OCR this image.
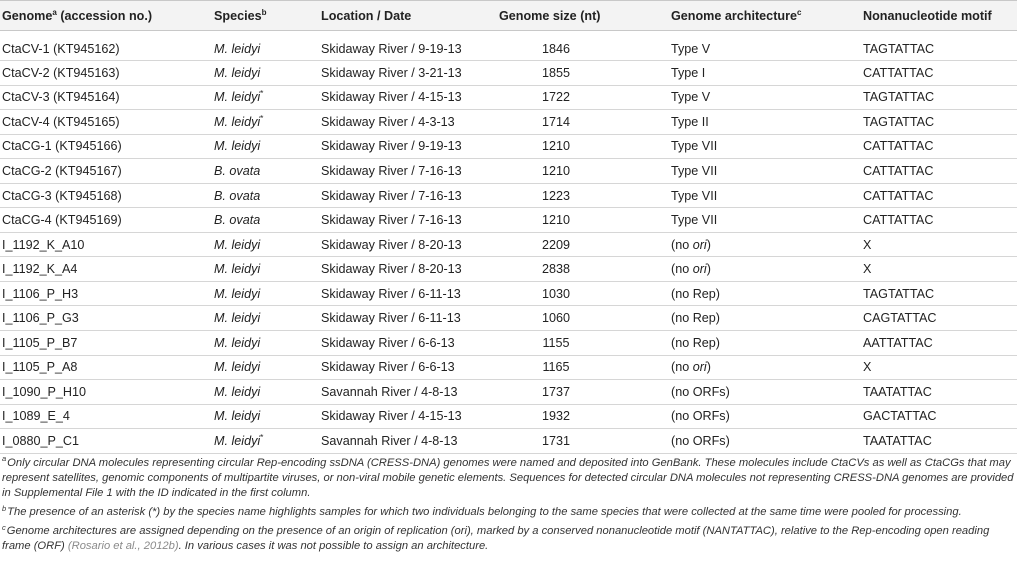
Genome$^a$ (accession no.)	Species$^b$	Location / Date	Genome size (nt)	Genome architecture$^c$	Nonanucleotide motif
CtaCV-1 (KT945162)	M. leidyi	Skidaway River / 9-19-13	1846	Type V	TAGTATTAC
CtaCV-2 (KT945163)	M. leidyi	Skidaway River / 3-21-13	1855	Type I	CATTATTAC
CtaCV-3 (KT945164)	M. leidyi*	Skidaway River / 4-15-13	1722	Type V	TAGTATTAC
CtaCV-4 (KT945165)	M. leidyi*	Skidaway River / 4-3-13	1714	Type II	TAGTATTAC
CtaCG-1 (KT945166)	M. leidyi	Skidaway River / 9-19-13	1210	Type VII	CATTATTAC
CtaCG-2 (KT945167)	B. ovata	Skidaway River / 7-16-13	1210	Type VII	CATTATTAC
CtaCG-3 (KT945168)	B. ovata	Skidaway River / 7-16-13	1223	Type VII	CATTATTAC
CtaCG-4 (KT945169)	B. ovata	Skidaway River / 7-16-13	1210	Type VII	CATTATTAC
I_1192_K_A10	M. leidyi	Skidaway River / 8-20-13	2209	(no ori)	X
I_1192_K_A4	M. leidyi	Skidaway River / 8-20-13	2838	(no ori)	X
I_1106_P_H3	M. leidyi	Skidaway River / 6-11-13	1030	(no Rep)	TAGTATTAC
I_1106_P_G3	M. leidyi	Skidaway River / 6-11-13	1060	(no Rep)	CAGTATTAC
I_1105_P_B7	M. leidyi	Skidaway River / 6-6-13	1155	(no Rep)	AATTATTAC
I_1105_P_A8	M. leidyi	Skidaway River / 6-6-13	1165	(no ori)	X
I_1090_P_H10	M. leidyi	Savannah River / 4-8-13	1737	(no ORFs)	TAATATTAC
I_1089_E_4	M. leidyi	Skidaway River / 4-15-13	1932	(no ORFs)	GACTATTAC
I_0880_P_C1	M. leidyi*	Savannah River / 4-8-13	1731	(no ORFs)	TAATATTAC

$^a$Only circular DNA molecules representing circular Rep-encoding ssDNA (CRESS-DNA) genomes were named and deposited into GenBank. These molecules include CtaCVs as well as CtaCGs that may represent satellites, genomic components of multipartite viruses, or non-viral mobile genetic elements. Sequences for detected circular DNA molecules not representing CRESS-DNA genomes are provided in Supplemental File 1 with the ID indicated in the first column.

$^b$The presence of an asterisk (*) by the species name highlights samples for which two individuals belonging to the same species that were collected at the same time were pooled for processing.

$^c$Genome architectures are assigned depending on the presence of an origin of replication (ori), marked by a conserved nonanucleotide motif (NANTATTAC), relative to the Rep-encoding open reading frame (ORF) (Rosario et al., 2012b). In various cases it was not possible to assign an architecture.
